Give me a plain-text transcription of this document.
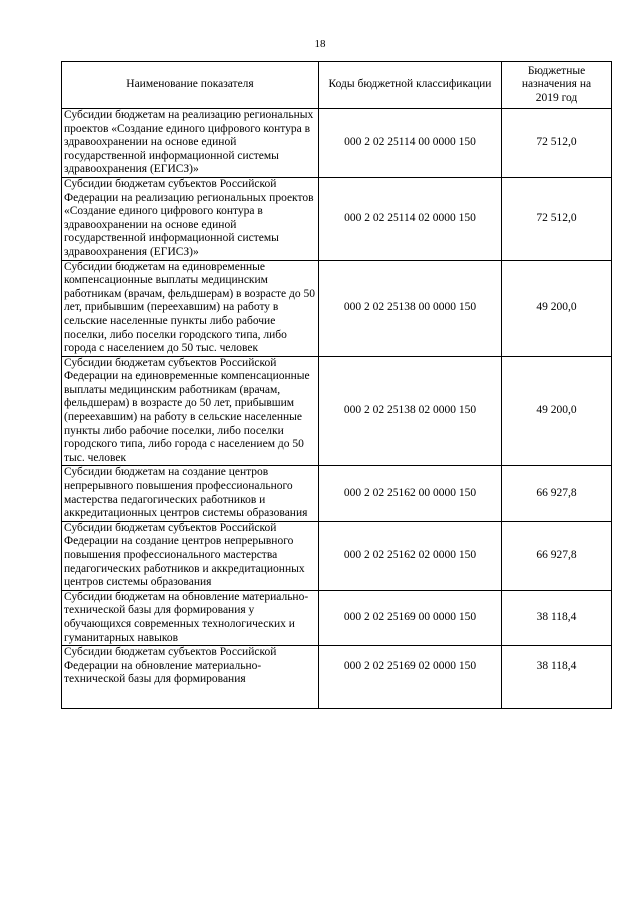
18
Наименование показателя	Коды бюджетной классификации	Бюджетные назначения на 2019 год
Субсидии бюджетам на реализацию региональных проектов «Создание единого цифрового контура в здравоохранении на основе единой государственной информационной системы здравоохранения (ЕГИСЗ)»	000 2 02 25114 00 0000 150	72 512,0
Субсидии бюджетам субъектов Российской Федерации на реализацию региональных проектов «Создание единого цифрового контура в здравоохранении на основе единой государственной информационной системы здравоохранения (ЕГИСЗ)»	000 2 02 25114 02 0000 150	72 512,0
Субсидии бюджетам на единовременные компенсационные выплаты медицинским работникам (врачам, фельдшерам) в возрасте до 50 лет, прибывшим (переехавшим) на работу в сельские населенные пункты либо рабочие поселки, либо поселки городского типа, либо города с населением до 50 тыс. человек	000 2 02 25138 00 0000 150	49 200,0
Субсидии бюджетам субъектов Российской Федерации на единовременные компенсационные выплаты медицинским работникам (врачам, фельдшерам) в возрасте до 50 лет, прибывшим (переехавшим) на работу в сельские населенные пункты либо рабочие поселки, либо поселки городского типа, либо города с населением до 50 тыс. человек	000 2 02 25138 02 0000 150	49 200,0
Субсидии бюджетам на создание центров непрерывного повышения профессионального мастерства педагогических работников и аккредитационных центров системы образования	000 2 02 25162 00 0000 150	66 927,8
Субсидии бюджетам субъектов Российской Федерации на создание центров непрерывного повышения профессионального мастерства педагогических работников и аккредитационных центров системы образования	000 2 02 25162 02 0000 150	66 927,8
Субсидии бюджетам на обновление материально-технической базы для формирования у обучающихся современных технологических и гуманитарных навыков	000 2 02 25169 00 0000 150	38 118,4

Субсидии бюджетам субъектов Российской Федерации на обновление материально-технической базы для формирования	000 2 02 25169 02 0000 150	38 118,4
